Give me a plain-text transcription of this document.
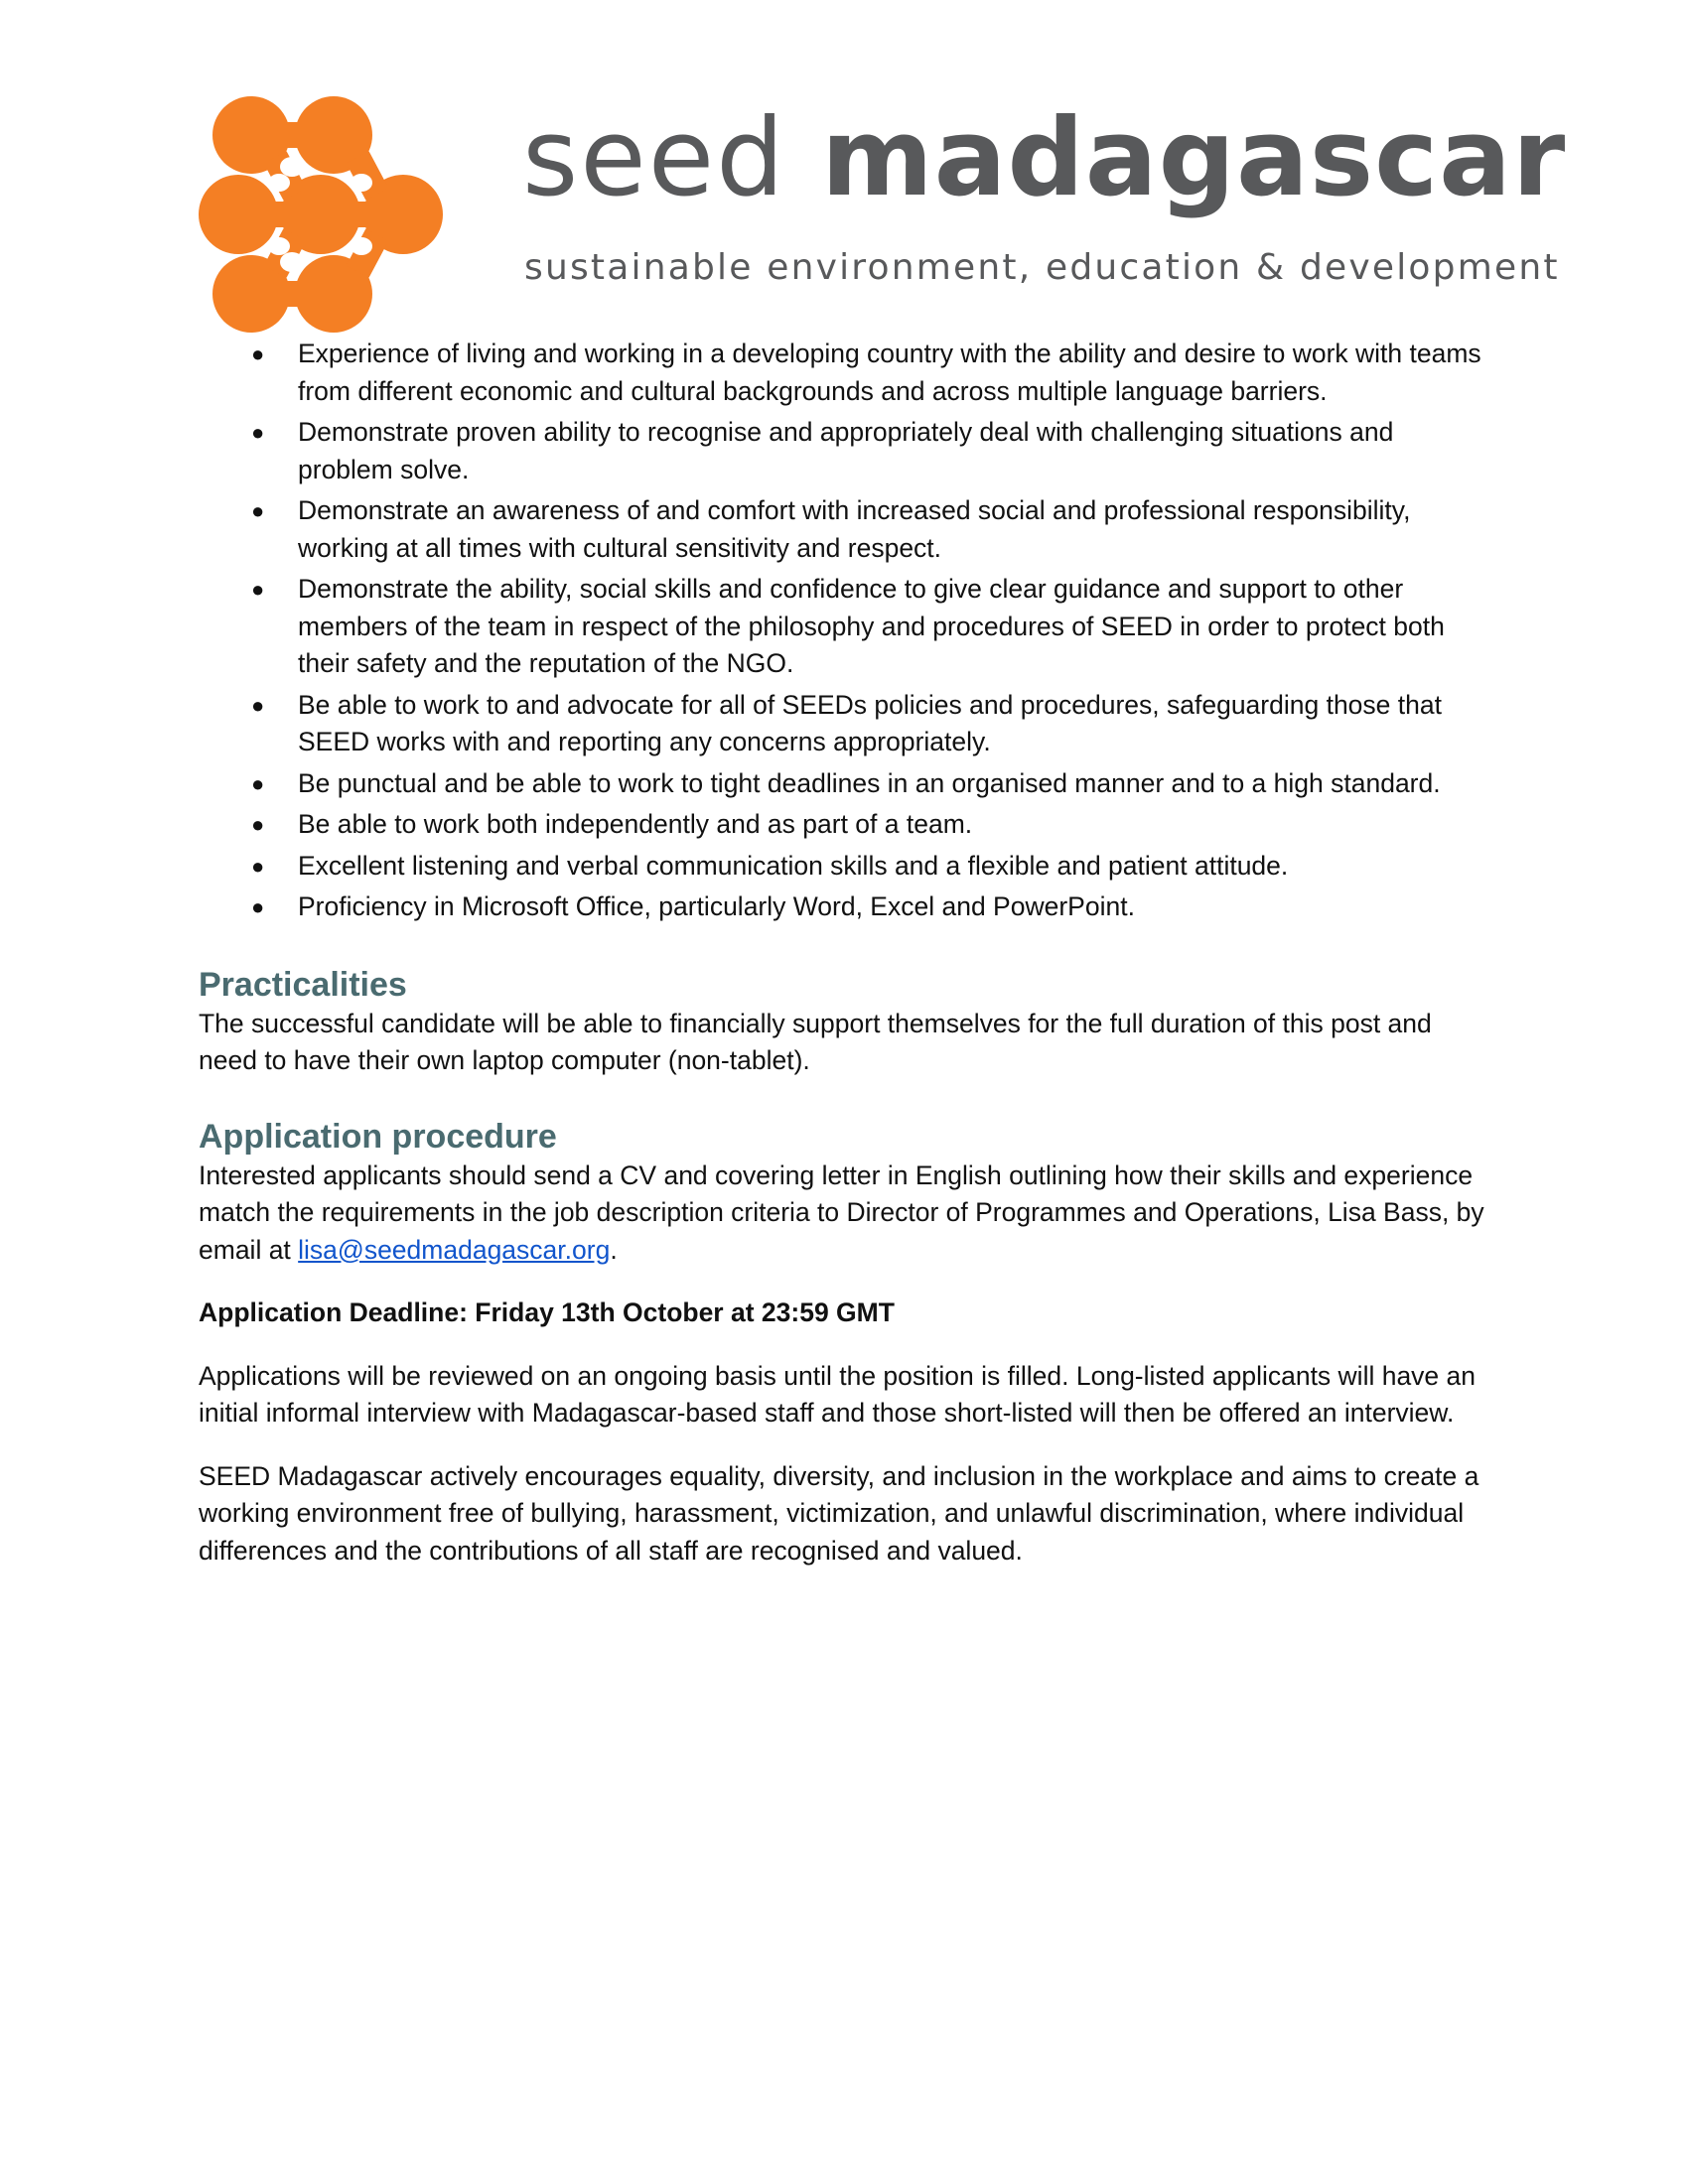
seed madagascar
sustainable environment, education & development
● Experience of living and working in a developing country with the ability and desire to work with teams from different economic and cultural backgrounds and across multiple language barriers.
● Demonstrate proven ability to recognise and appropriately deal with challenging situations and problem solve.
● Demonstrate an awareness of and comfort with increased social and professional responsibility, working at all times with cultural sensitivity and respect.
● Demonstrate the ability, social skills and confidence to give clear guidance and support to other members of the team in respect of the philosophy and procedures of SEED in order to protect both their safety and the reputation of the NGO.
● Be able to work to and advocate for all of SEEDs policies and procedures, safeguarding those that SEED works with and reporting any concerns appropriately.
● Be punctual and be able to work to tight deadlines in an organised manner and to a high standard.
● Be able to work both independently and as part of a team.
● Excellent listening and verbal communication skills and a flexible and patient attitude.
● Proficiency in Microsoft Office, particularly Word, Excel and PowerPoint.
Practicalities

The successful candidate will be able to financially support themselves for the full duration of this post and need to have their own laptop computer (non-tablet).

Application procedure

Interested applicants should send a CV and covering letter in English outlining how their skills and experience match the requirements in the job description criteria to Director of Programmes and Operations, Lisa Bass, by email at lisa@seedmadagascar.org.

Application Deadline: Friday 13th October at 23:59 GMT

Applications will be reviewed on an ongoing basis until the position is filled. Long-listed applicants will have an initial informal interview with Madagascar-based staff and those short-listed will then be offered an interview.

SEED Madagascar actively encourages equality, diversity, and inclusion in the workplace and aims to create a working environment free of bullying, harassment, victimization, and unlawful discrimination, where individual differences and the contributions of all staff are recognised and valued.
